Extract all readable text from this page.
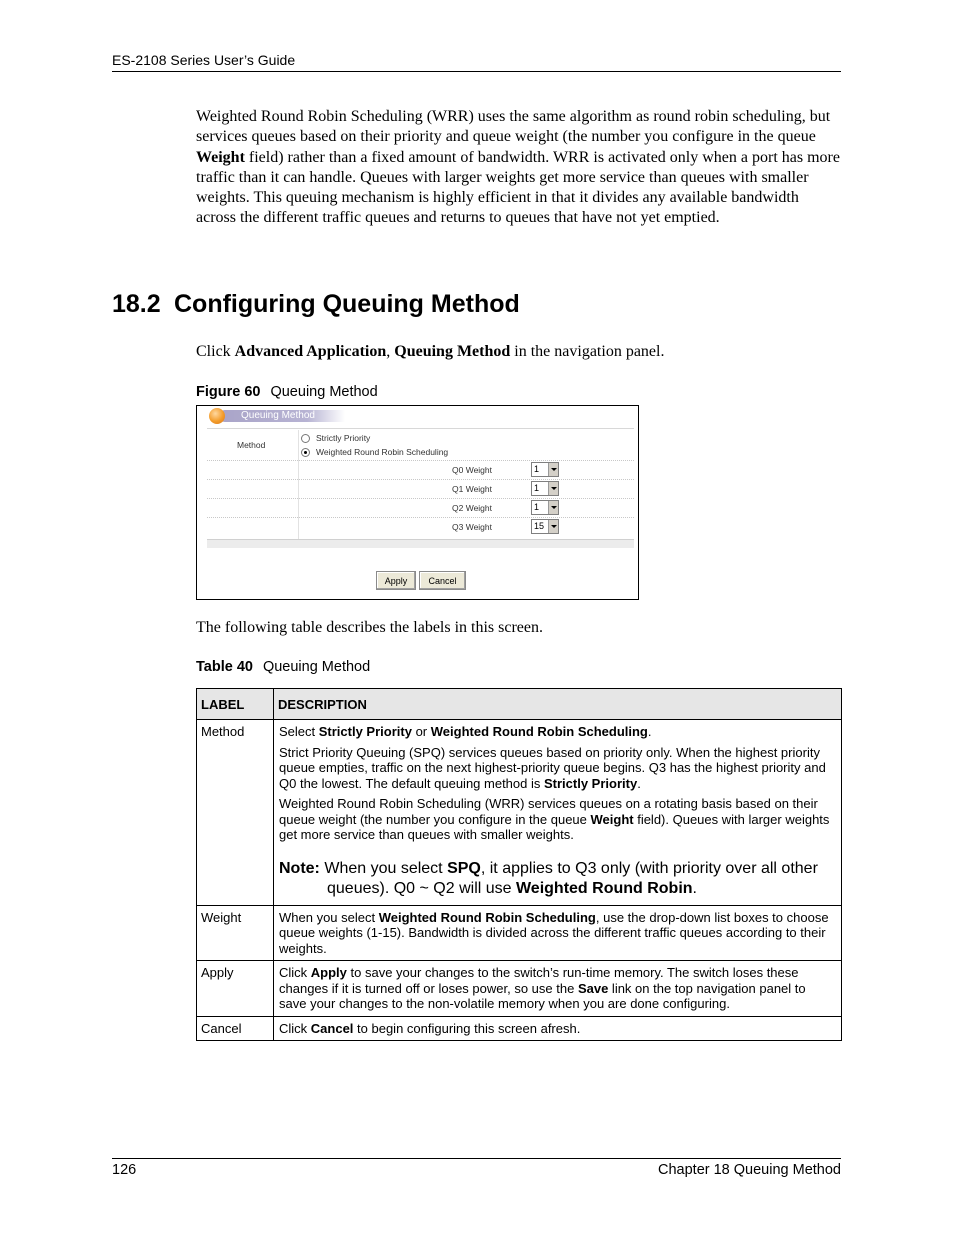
ES-2108 Series User’s Guide
Weighted Round Robin Scheduling (WRR) uses the same algorithm as round robin scheduling, but services queues based on their priority and queue weight (the number you configure in the queue Weight field) rather than a fixed amount of bandwidth. WRR is activated only when a port has more traffic than it can handle. Queues with larger weights get more service than queues with smaller weights. This queuing mechanism is highly efficient in that it divides any available bandwidth across the different traffic queues and returns to queues that have not yet emptied.
18.2 Configuring Queuing Method
Click Advanced Application, Queuing Method in the navigation panel.
Figure 60 Queuing Method
Queuing Method
Method
Strictly Priority
Weighted Round Robin Scheduling
Q0 Weight	1
Q1 Weight	1
Q2 Weight	1
Q3 Weight	15
Apply	Cancel
The following table describes the labels in this screen.
Table 40 Queuing Method
LABEL	DESCRIPTION
Method	Select Strictly Priority or Weighted Round Robin Scheduling.

Strict Priority Queuing (SPQ) services queues based on priority only. When the highest priority queue empties, traffic on the next highest-priority queue begins. Q3 has the highest priority and Q0 the lowest. The default queuing method is Strictly Priority.

Weighted Round Robin Scheduling (WRR) services queues on a rotating basis based on their queue weight (the number you configure in the queue Weight field). Queues with larger weights get more service than queues with smaller weights.

Note: When you select SPQ, it applies to Q3 only (with priority over all other queues). Q0 ~ Q2 will use Weighted Round Robin.

Weight	When you select Weighted Round Robin Scheduling, use the drop-down list boxes to choose queue weights (1-15). Bandwidth is divided across the different traffic queues according to their weights.
Apply	Click Apply to save your changes to the switch’s run-time memory. The switch loses these changes if it is turned off or loses power, so use the Save link on the top navigation panel to save your changes to the non-volatile memory when you are done configuring.
Cancel	Click Cancel to begin configuring this screen afresh.
126	Chapter 18 Queuing Method
